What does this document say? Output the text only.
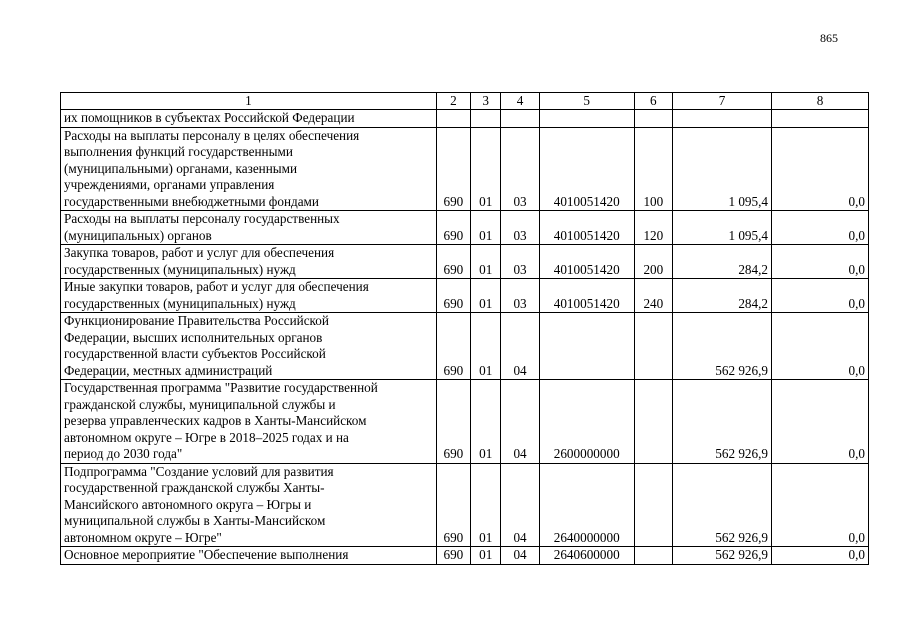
865
1	2	3	4	5	6	7	8
их помощников в субъектах Российской Федерации							
Расходы на выплаты персоналу в целях обеспечения
выполнения функций государственными
(муниципальными) органами, казенными
учреждениями, органами управления
государственными внебюджетными фондами	690	01	03	4010051420	100	1 095,4	0,0
Расходы на выплаты персоналу государственных
(муниципальных) органов	690	01	03	4010051420	120	1 095,4	0,0
Закупка товаров, работ и услуг для обеспечения
государственных (муниципальных) нужд	690	01	03	4010051420	200	284,2	0,0
Иные закупки товаров, работ и услуг для обеспечения
государственных (муниципальных) нужд	690	01	03	4010051420	240	284,2	0,0
Функционирование Правительства Российской
Федерации, высших исполнительных органов
государственной власти субъектов Российской
Федерации, местных администраций	690	01	04			562 926,9	0,0
Государственная программа "Развитие государственной
гражданской службы, муниципальной службы и
резерва управленческих кадров в Ханты-Мансийском
автономном округе – Югре в 2018–2025 годах и на
период до 2030 года"	690	01	04	2600000000		562 926,9	0,0
Подпрограмма "Создание условий для развития
государственной гражданской службы Ханты-
Мансийского автономного округа – Югры и
муниципальной службы в Ханты-Мансийском
автономном округе – Югре"	690	01	04	2640000000		562 926,9	0,0
Основное мероприятие "Обеспечение выполнения	690	01	04	2640600000		562 926,9	0,0
